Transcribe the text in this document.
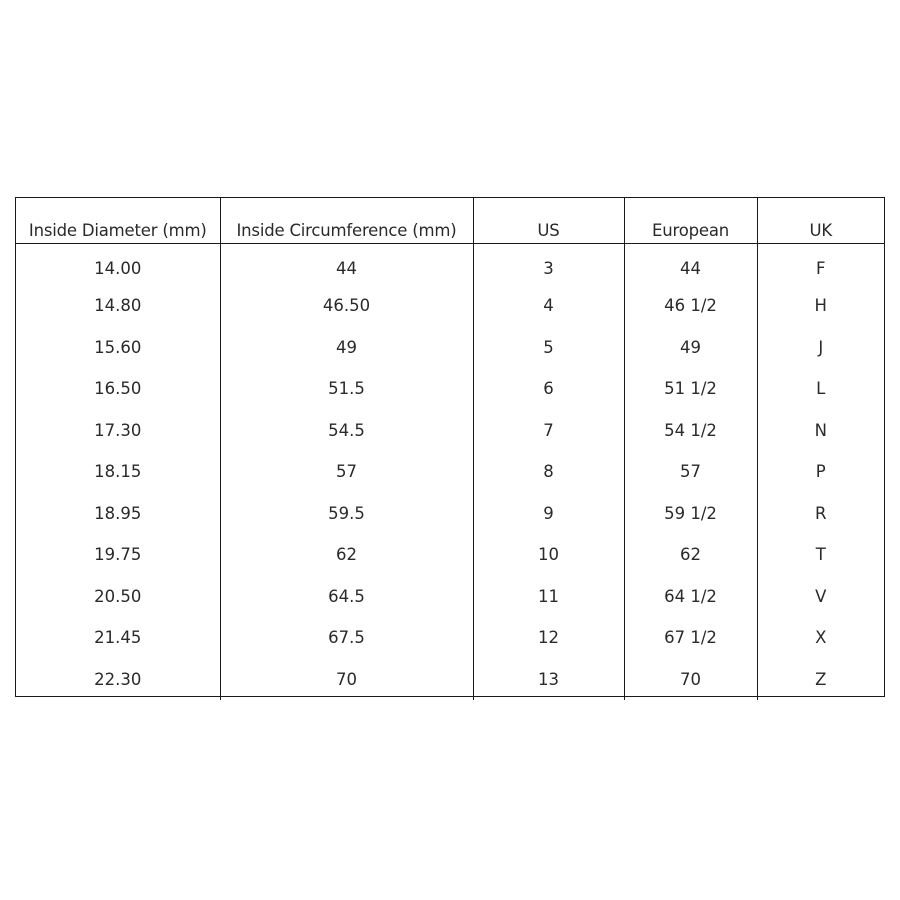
Inside Diameter (mm)	Inside Circumference (mm)	US	European	UK
14.00	44	3	44	F
14.80	46.50	4	46 1/2	H
15.60	49	5	49	J
16.50	51.5	6	51 1/2	L
17.30	54.5	7	54 1/2	N
18.15	57	8	57	P
18.95	59.5	9	59 1/2	R
19.75	62	10	62	T
20.50	64.5	11	64 1/2	V
21.45	67.5	12	67 1/2	X
22.30	70	13	70	Z
